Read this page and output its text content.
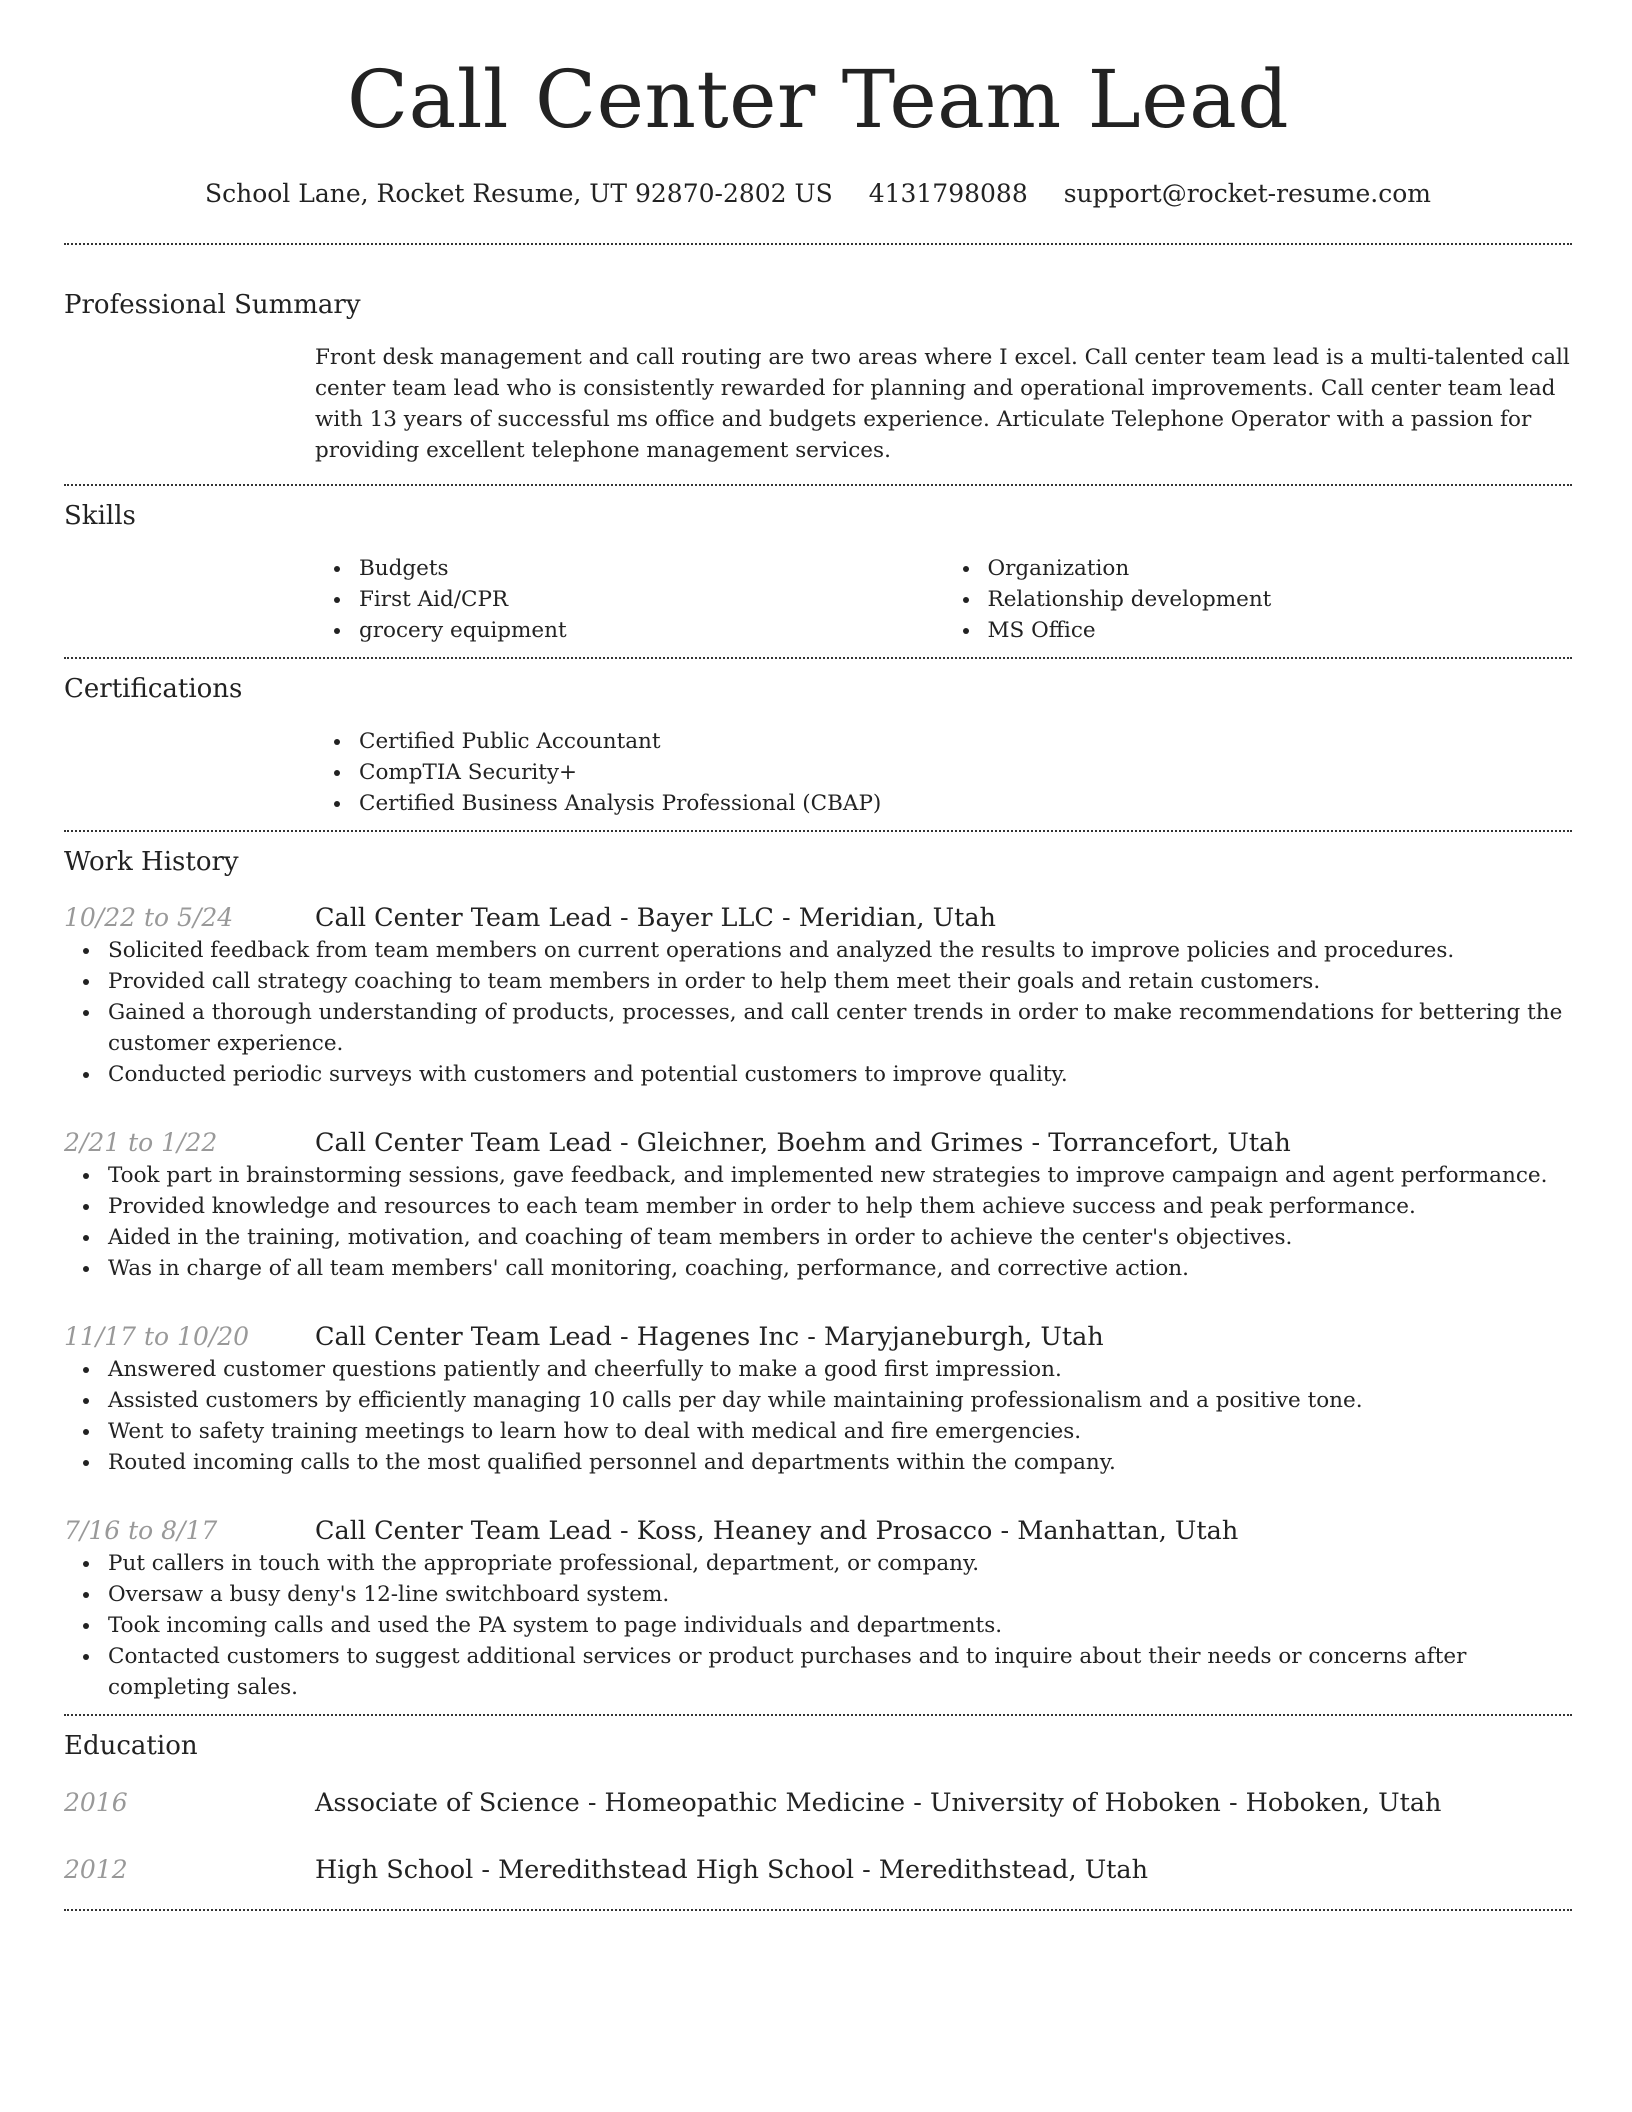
Call Center Team Lead
School Lane, Rocket Resume, UT 92870-2802 US 4131798088 support@rocket-resume.com
Professional Summary

Front desk management and call routing are two areas where I excel. Call center team lead is a multi-talented call center team lead who is consistently rewarded for planning and operational improvements. Call center team lead with 13 years of successful ms office and budgets experience. Articulate Telephone Operator with a passion for providing excellent telephone management services.

Skills
Budgets
First Aid/CPR
grocery equipment
Organization
Relationship development
MS Office
Certifications
Certified Public Accountant
CompTIA Security+
Certified Business Analysis Professional (CBAP)
Work History
10/22 to 5/24	Call Center Team Lead - Bayer LLC - Meridian, Utah
Solicited feedback from team members on current operations and analyzed the results to improve policies and procedures.
Provided call strategy coaching to team members in order to help them meet their goals and retain customers.
Gained a thorough understanding of products, processes, and call center trends in order to make recommendations for bettering the customer experience.
Conducted periodic surveys with customers and potential customers to improve quality.
2/21 to 1/22	Call Center Team Lead - Gleichner, Boehm and Grimes - Torrancefort, Utah
Took part in brainstorming sessions, gave feedback, and implemented new strategies to improve campaign and agent performance.
Provided knowledge and resources to each team member in order to help them achieve success and peak performance.
Aided in the training, motivation, and coaching of team members in order to achieve the center's objectives.
Was in charge of all team members' call monitoring, coaching, performance, and corrective action.
11/17 to 10/20	Call Center Team Lead - Hagenes Inc - Maryjaneburgh, Utah
Answered customer questions patiently and cheerfully to make a good first impression.
Assisted customers by efficiently managing 10 calls per day while maintaining professionalism and a positive tone.
Went to safety training meetings to learn how to deal with medical and fire emergencies.
Routed incoming calls to the most qualified personnel and departments within the company.
7/16 to 8/17	Call Center Team Lead - Koss, Heaney and Prosacco - Manhattan, Utah
Put callers in touch with the appropriate professional, department, or company.
Oversaw a busy deny's 12-line switchboard system.
Took incoming calls and used the PA system to page individuals and departments.
Contacted customers to suggest additional services or product purchases and to inquire about their needs or concerns after completing sales.
Education
2016	Associate of Science - Homeopathic Medicine - University of Hoboken - Hoboken, Utah
2012	High School - Meredithstead High School - Meredithstead, Utah
